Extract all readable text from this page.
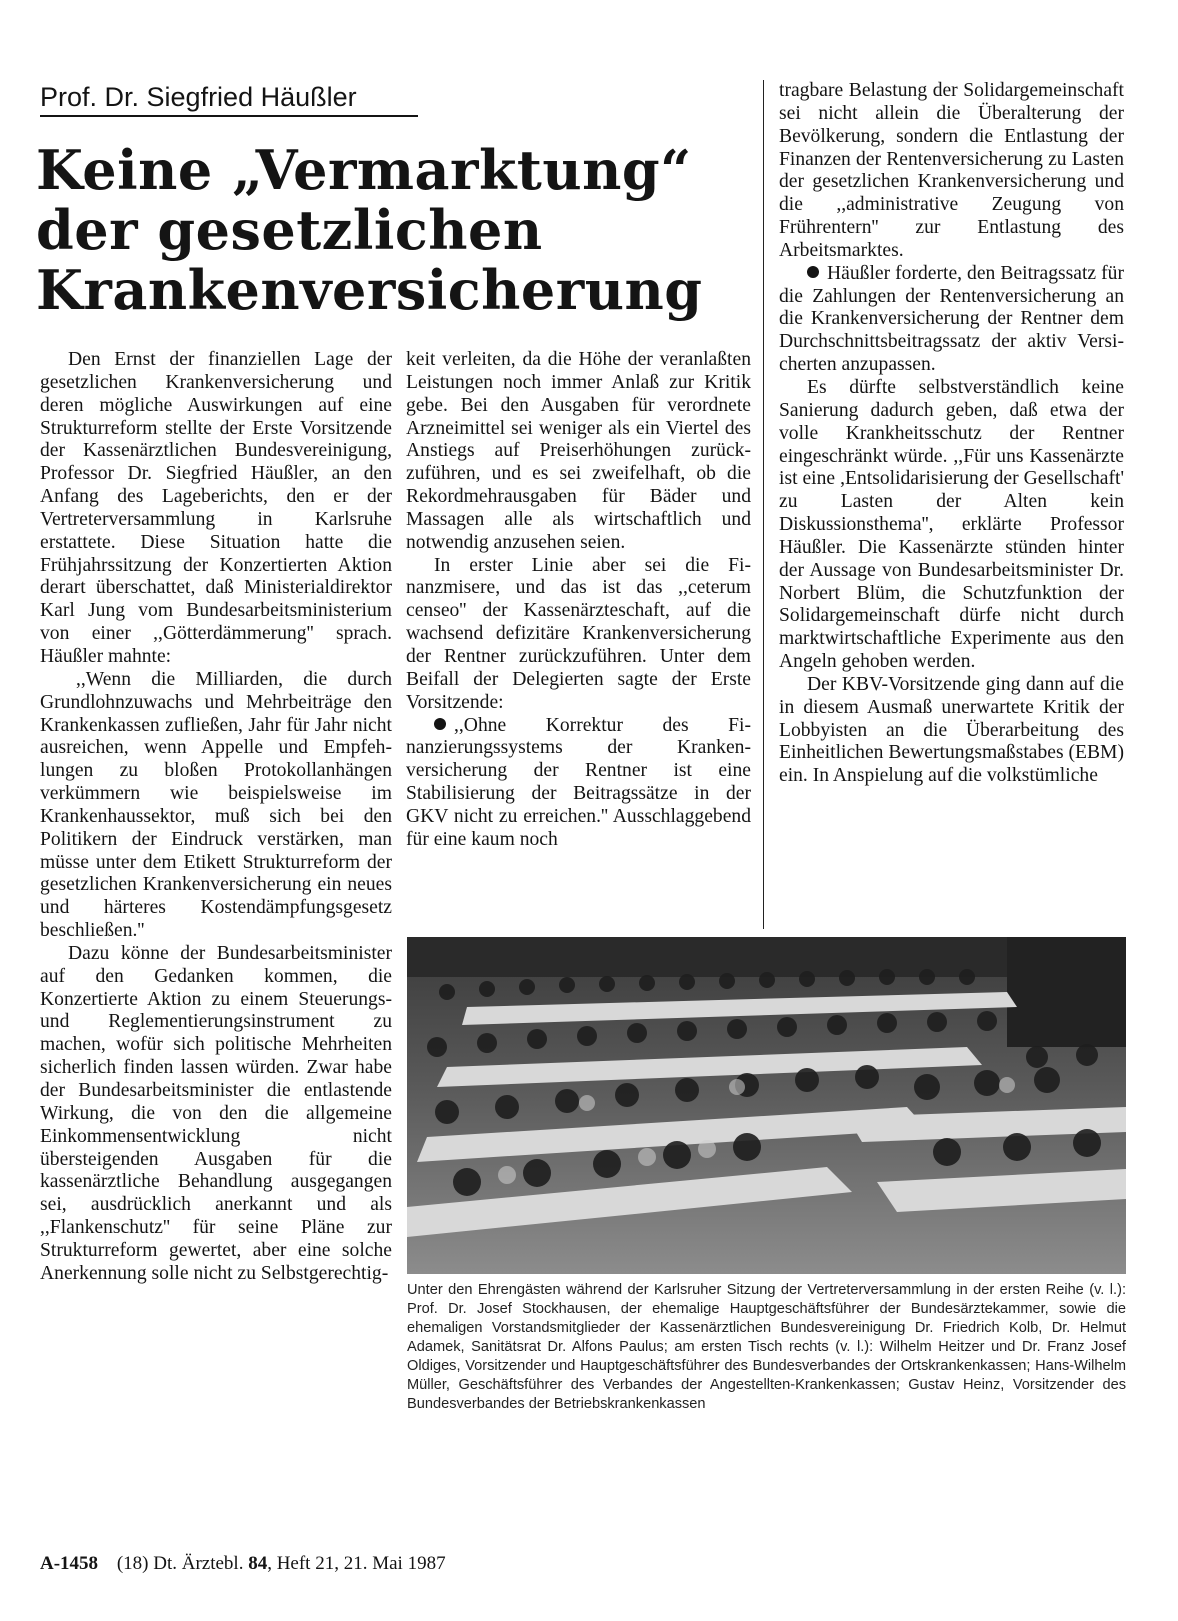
Prof. Dr. Siegfried Häußler
Keine „Vermarktung“
der gesetzlichen
Krankenversicherung

Den Ernst der finanziellen Lage der gesetzlichen Krankenversicherung und deren mögliche Auswirkungen auf eine Strukturreform stellte der Erste Vorsitzende der Kassenärztlichen Bundesvereinigung, Professor Dr. Siegfried Häußler, an den Anfang des Lageberichts, den er der Vertreterversammlung in Karlsruhe erstattete. Diese Situation hatte die Frühjahrssitzung der Konzertierten Aktion derart überschattet, daß Ministerialdirektor Karl Jung vom Bundesarbeitsministerium von einer ,,Götterdämmerung'' sprach. Häußler mahnte:

,,Wenn die Milliarden, die durch Grundlohnzuwachs und Mehrbeiträge den Krankenkassen zufließen, Jahr für Jahr nicht ausreichen, wenn Appelle und Empfehlungen zu bloßen Protokollanhängen verkümmern wie beispielsweise im Krankenhaussektor, muß sich bei den Politikern der Eindruck verstärken, man müsse unter dem Etikett Strukturreform der gesetzlichen Krankenversicherung ein neues und härteres Kostendämpfungsgesetz beschließen.''

Dazu könne der Bundesarbeitsminister auf den Gedanken kommen, die Konzertierte Aktion zu einem Steuerungs- und Reglementierungsinstrument zu machen, wofür sich politische Mehrheiten sicherlich finden lassen würden. Zwar habe der Bundesarbeitsminister die entlastende Wirkung, die von den die allgemeine Einkommensentwicklung nicht übersteigenden Ausgaben für die kassenärztliche Behandlung ausgegangen sei, ausdrücklich anerkannt und als ,,Flankenschutz'' für seine Pläne zur Strukturreform gewertet, aber eine solche Anerkennung solle nicht zu Selbstgerechtig-

keit verleiten, da die Höhe der veranlaßten Leistungen noch immer Anlaß zur Kritik gebe. Bei den Ausgaben für verordnete Arzneimittel sei weniger als ein Viertel des Anstiegs auf Preiserhöhungen zurückzuführen, und es sei zweifelhaft, ob die Rekordmehrausgaben für Bäder und Massagen alle als wirtschaftlich und notwendig anzusehen seien.

In erster Linie aber sei die Finanzmisere, und das ist das ,,ceterum censeo'' der Kassenärzteschaft, auf die wachsend defizitäre Krankenversicherung der Rentner zurückzuführen. Unter dem Beifall der Delegierten sagte der Erste Vorsitzende:

,,Ohne Korrektur des Finanzierungssystems der Krankenversicherung der Rentner ist eine Stabilisierung der Beitragssätze in der GKV nicht zu erreichen.'' Ausschlaggebend für eine kaum noch

tragbare Belastung der Solidargemeinschaft sei nicht allein die Überalterung der Bevölkerung, sondern die Entlastung der Finanzen der Rentenversicherung zu Lasten der gesetzlichen Krankenversicherung und die ,,administrative Zeugung von Frührentern'' zur Entlastung des Arbeitsmarktes.

Häußler forderte, den Beitragssatz für die Zahlungen der Rentenversicherung an die Krankenversicherung der Rentner dem Durchschnittsbeitragssatz der aktiv Versicherten anzupassen.

Es dürfte selbstverständlich keine Sanierung dadurch geben, daß etwa der volle Krankheitsschutz der Rentner eingeschränkt würde. ,,Für uns Kassenärzte ist eine ,Entsolidarisierung der Gesellschaft' zu Lasten der Alten kein Diskussionsthema'', erklärte Professor Häußler. Die Kassenärzte stünden hinter der Aussage von Bundesarbeitsminister Dr. Norbert Blüm, die Schutzfunktion der Solidargemeinschaft dürfe nicht durch marktwirtschaftliche Experimente aus den Angeln gehoben werden.

Der KBV-Vorsitzende ging dann auf die in diesem Ausmaß unerwartete Kritik der Lobbyisten an die Überarbeitung des Einheitlichen Bewertungsmaßstabes (EBM) ein. In Anspielung auf die volkstümliche

Unter den Ehrengästen während der Karlsruher Sitzung der Vertreterversammlung in der ersten Reihe (v. l.): Prof. Dr. Josef Stockhausen, der ehemalige Hauptgeschäftsführer der Bundesärztekammer, sowie die ehemaligen Vorstandsmitglieder der Kassenärztlichen Bundesvereinigung Dr. Friedrich Kolb, Dr. Helmut Adamek, Sanitätsrat Dr. Alfons Paulus; am ersten Tisch rechts (v. l.): Wilhelm Heitzer und Dr. Franz Josef Oldiges, Vorsitzender und Hauptgeschäftsführer des Bundesverbandes der Ortskrankenkassen; Hans-Wilhelm Müller, Geschäftsführer des Verbandes der Angestellten-Krankenkassen; Gustav Heinz, Vorsitzender des Bundesverbandes der Betriebskrankenkassen
A-1458 (18) Dt. Ärztebl. 84, Heft 21, 21. Mai 1987
